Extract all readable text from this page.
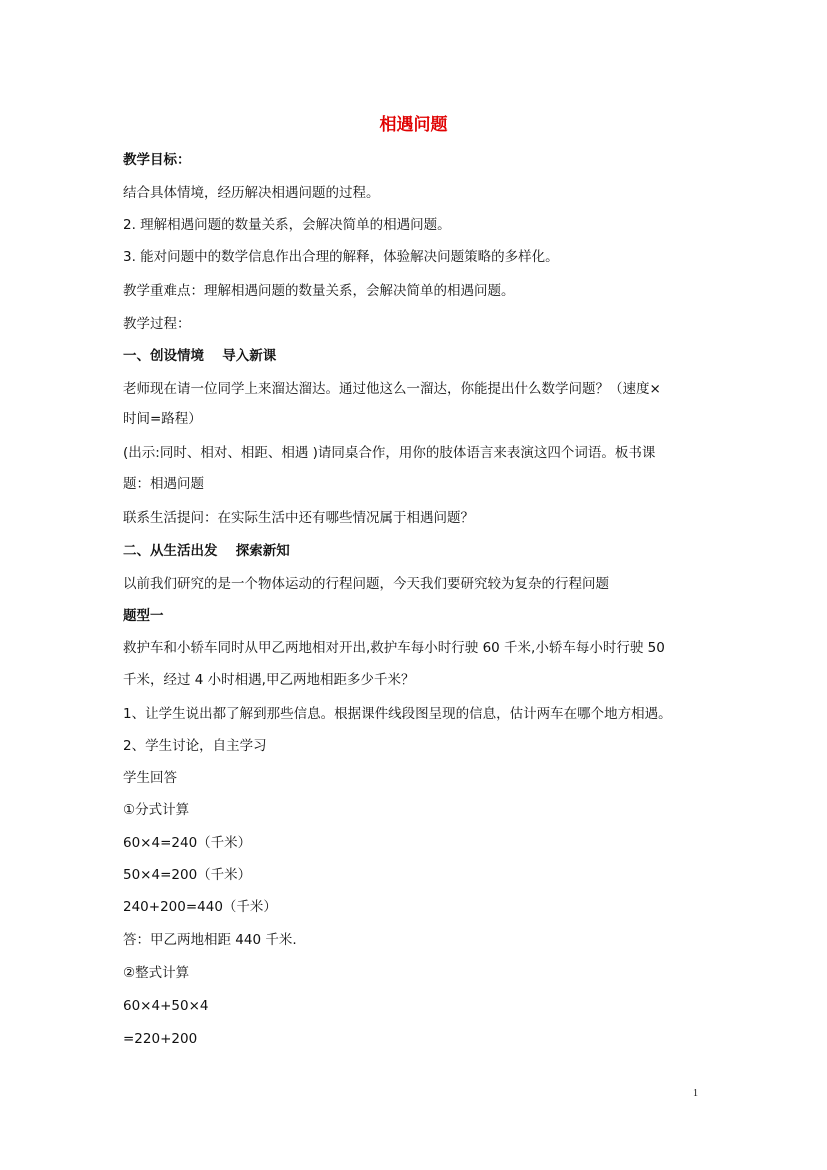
相遇问题
教学目标：
结合具体情境，经历解决相遇问题的过程。
2. 理解相遇问题的数量关系，会解决简单的相遇问题。
3. 能对问题中的数学信息作出合理的解释，体验解决问题策略的多样化。
教学重难点：理解相遇问题的数量关系，会解决简单的相遇问题。
教学过程：
一、创设情境　 导入新课
老师现在请一位同学上来溜达溜达。通过他这么一溜达，你能提出什么数学问题？（速度×
时间=路程）
(出示:同时、相对、相距、相遇 )请同桌合作，用你的肢体语言来表演这四个词语。板书课
题：相遇问题
联系生活提问：在实际生活中还有哪些情况属于相遇问题？
二、从生活出发　 探索新知
以前我们研究的是一个物体运动的行程问题，今天我们要研究较为复杂的行程问题
题型一
救护车和小轿车同时从甲乙两地相对开出,救护车每小时行驶 60 千米,小轿车每小时行驶 50
千米，经过 4 小时相遇,甲乙两地相距多少千米？
1、让学生说出都了解到那些信息。根据课件线段图呈现的信息，估计两车在哪个地方相遇。
2、学生讨论，自主学习
学生回答
①分式计算
60×4=240（千米）
50×4=200（千米）
240+200=440（千米）
答：甲乙两地相距 440 千米.
②整式计算
60×4+50×4
=220+200
1
